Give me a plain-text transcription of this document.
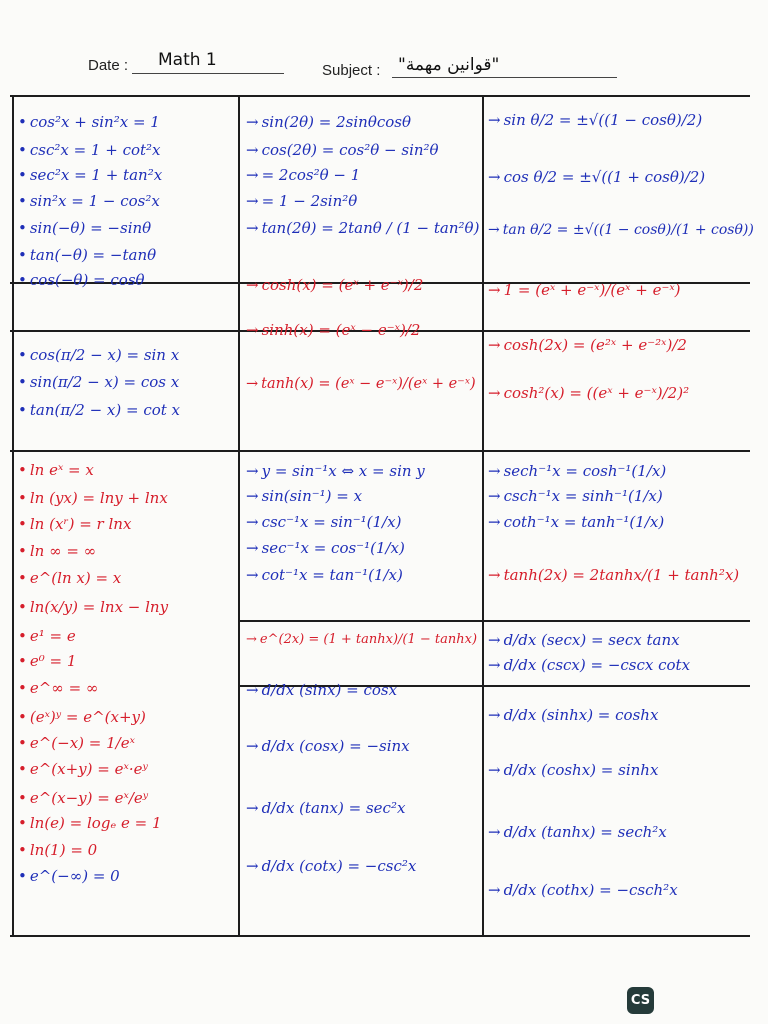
Date : Math 1
Subject : "قوانين مهمة"
• cos²x + sin²x = 1
• csc²x = 1 + cot²x
• sec²x = 1 + tan²x
• sin²x = 1 − cos²x
• sin(−θ) = −sinθ
• tan(−θ) = −tanθ
• cos(−θ) = cosθ
• cos(π/2 − x) = sin x
• sin(π/2 − x) = cos x
• tan(π/2 − x) = cot x
• ln eˣ = x
• ln (yx) = lny + lnx
• ln (xʳ) = r lnx
• ln ∞ = ∞
• e^(ln x) = x
• ln(x/y) = lnx − lny
• e¹ = e
• e⁰ = 1
• e^∞ = ∞
• (eˣ)ʸ = e^(x+y)
• e^(−x) = 1/eˣ
• e^(x+y) = eˣ·eʸ
• e^(x−y) = eˣ/eʸ
• ln(e) = logₑ e = 1
• ln(1) = 0
• e^(−∞) = 0
→ sin(2θ) = 2sinθcosθ
→ cos(2θ) = cos²θ − sin²θ
→ = 2cos²θ − 1
→ = 1 − 2sin²θ
→ tan(2θ) = 2tanθ / (1 − tan²θ)
→ cosh(x) = (eˣ + e⁻ˣ)/2
→ sinh(x) = (eˣ − e⁻ˣ)/2
→ tanh(x) = (eˣ − e⁻ˣ)/(eˣ + e⁻ˣ)
→ y = sin⁻¹x ⇔ x = sin y
→ sin(sin⁻¹) = x
→ csc⁻¹x = sin⁻¹(1/x)
→ sec⁻¹x = cos⁻¹(1/x)
→ cot⁻¹x = tan⁻¹(1/x)
→ e^(2x) = (1 + tanhx)/(1 − tanhx)
→ d/dx (sinx) = cosx
→ d/dx (cosx) = −sinx
→ d/dx (tanx) = sec²x
→ d/dx (cotx) = −csc²x
→ sin θ/2 = ±√((1 − cosθ)/2)
→ cos θ/2 = ±√((1 + cosθ)/2)
→ tan θ/2 = ±√((1 − cosθ)/(1 + cosθ))
→ 1 = (eˣ + e⁻ˣ)/(eˣ + e⁻ˣ)
→ cosh(2x) = (e²ˣ + e⁻²ˣ)/2
→ cosh²(x) = ((eˣ + e⁻ˣ)/2)²
→ sech⁻¹x = cosh⁻¹(1/x)
→ csch⁻¹x = sinh⁻¹(1/x)
→ coth⁻¹x = tanh⁻¹(1/x)
→ tanh(2x) = 2tanhx/(1 + tanh²x)
→ d/dx (secx) = secx tanx
→ d/dx (cscx) = −cscx cotx
→ d/dx (sinhx) = coshx
→ d/dx (coshx) = sinhx
→ d/dx (tanhx) = sech²x
→ d/dx (cothx) = −csch²x
CS
